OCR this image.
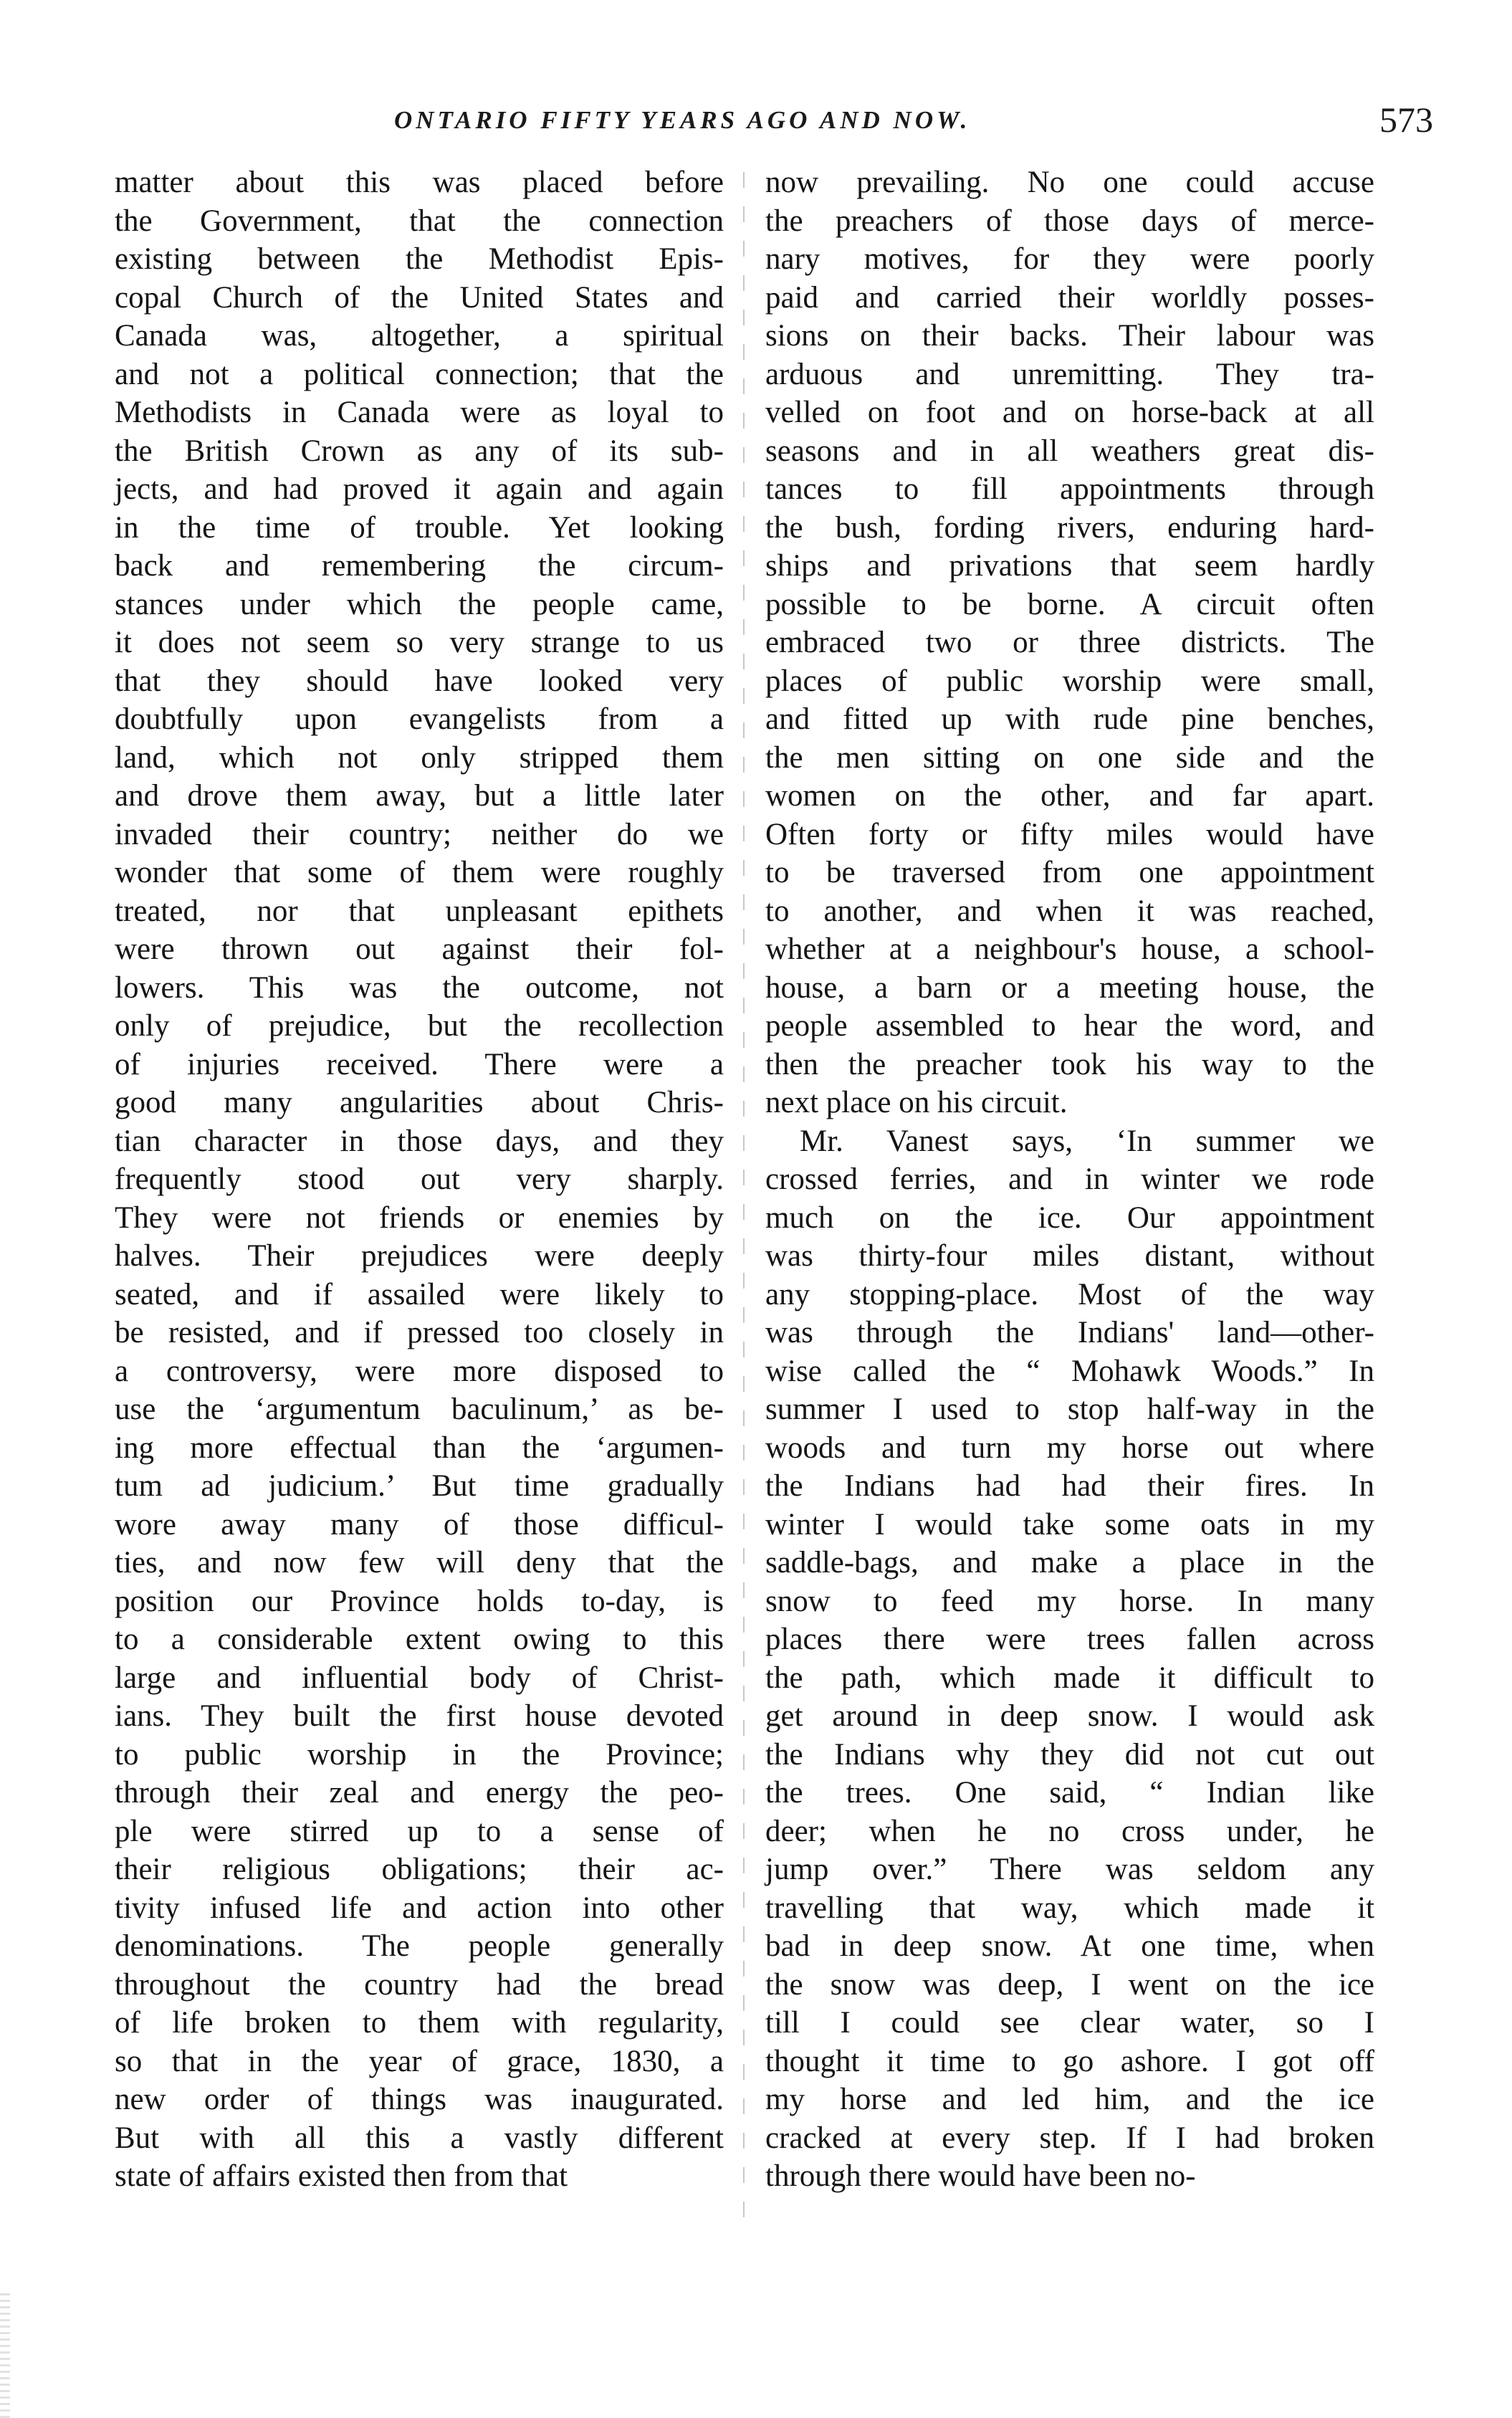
ONTARIO FIFTY YEARS AGO AND NOW.	573
matter about this was placed before
the Government, that the connection
existing between the Methodist Epis-
copal Church of the United States and
Canada was, altogether, a spiritual
and not a political connection; that the
Methodists in Canada were as loyal to
the British Crown as any of its sub-
jects, and had proved it again and again
in the time of trouble. Yet looking
back and remembering the circum-
stances under which the people came,
it does not seem so very strange to us
that they should have looked very
doubtfully upon evangelists from a
land, which not only stripped them
and drove them away, but a little later
invaded their country; neither do we
wonder that some of them were roughly
treated, nor that unpleasant epithets
were thrown out against their fol-
lowers. This was the outcome, not
only of prejudice, but the recollection
of injuries received. There were a
good many angularities about Chris-
tian character in those days, and they
frequently stood out very sharply.
They were not friends or enemies by
halves. Their prejudices were deeply
seated, and if assailed were likely to
be resisted, and if pressed too closely in
a controversy, were more disposed to
use the ‘argumentum baculinum,’ as be-
ing more effectual than the ‘argumen-
tum ad judicium.’ But time gradually
wore away many of those difficul-
ties, and now few will deny that the
position our Province holds to-day, is
to a considerable extent owing to this
large and influential body of Christ-
ians. They built the first house devoted
to public worship in the Province;
through their zeal and energy the peo-
ple were stirred up to a sense of
their religious obligations; their ac-
tivity infused life and action into other
denominations. The people generally
throughout the country had the bread
of life broken to them with regularity,
so that in the year of grace, 1830, a
new order of things was inaugurated.
But with all this a vastly different
state of affairs existed then from that
now prevailing. No one could accuse
the preachers of those days of merce-
nary motives, for they were poorly
paid and carried their worldly posses-
sions on their backs. Their labour was
arduous and unremitting. They tra-
velled on foot and on horse-back at all
seasons and in all weathers great dis-
tances to fill appointments through
the bush, fording rivers, enduring hard-
ships and privations that seem hardly
possible to be borne. A circuit often
embraced two or three districts. The
places of public worship were small,
and fitted up with rude pine benches,
the men sitting on one side and the
women on the other, and far apart.
Often forty or fifty miles would have
to be traversed from one appointment
to another, and when it was reached,
whether at a neighbour's house, a school-
house, a barn or a meeting house, the
people assembled to hear the word, and
then the preacher took his way to the
next place on his circuit.
Mr. Vanest says, ‘In summer we
crossed ferries, and in winter we rode
much on the ice. Our appointment
was thirty-four miles distant, without
any stopping-place. Most of the way
was through the Indians' land—other-
wise called the “ Mohawk Woods.” In
summer I used to stop half-way in the
woods and turn my horse out where
the Indians had had their fires. In
winter I would take some oats in my
saddle-bags, and make a place in the
snow to feed my horse. In many
places there were trees fallen across
the path, which made it difficult to
get around in deep snow. I would ask
the Indians why they did not cut out
the trees. One said, “ Indian like
deer; when he no cross under, he
jump over.” There was seldom any
travelling that way, which made it
bad in deep snow. At one time, when
the snow was deep, I went on the ice
till I could see clear water, so I
thought it time to go ashore. I got off
my horse and led him, and the ice
cracked at every step. If I had broken
through there would have been no-
